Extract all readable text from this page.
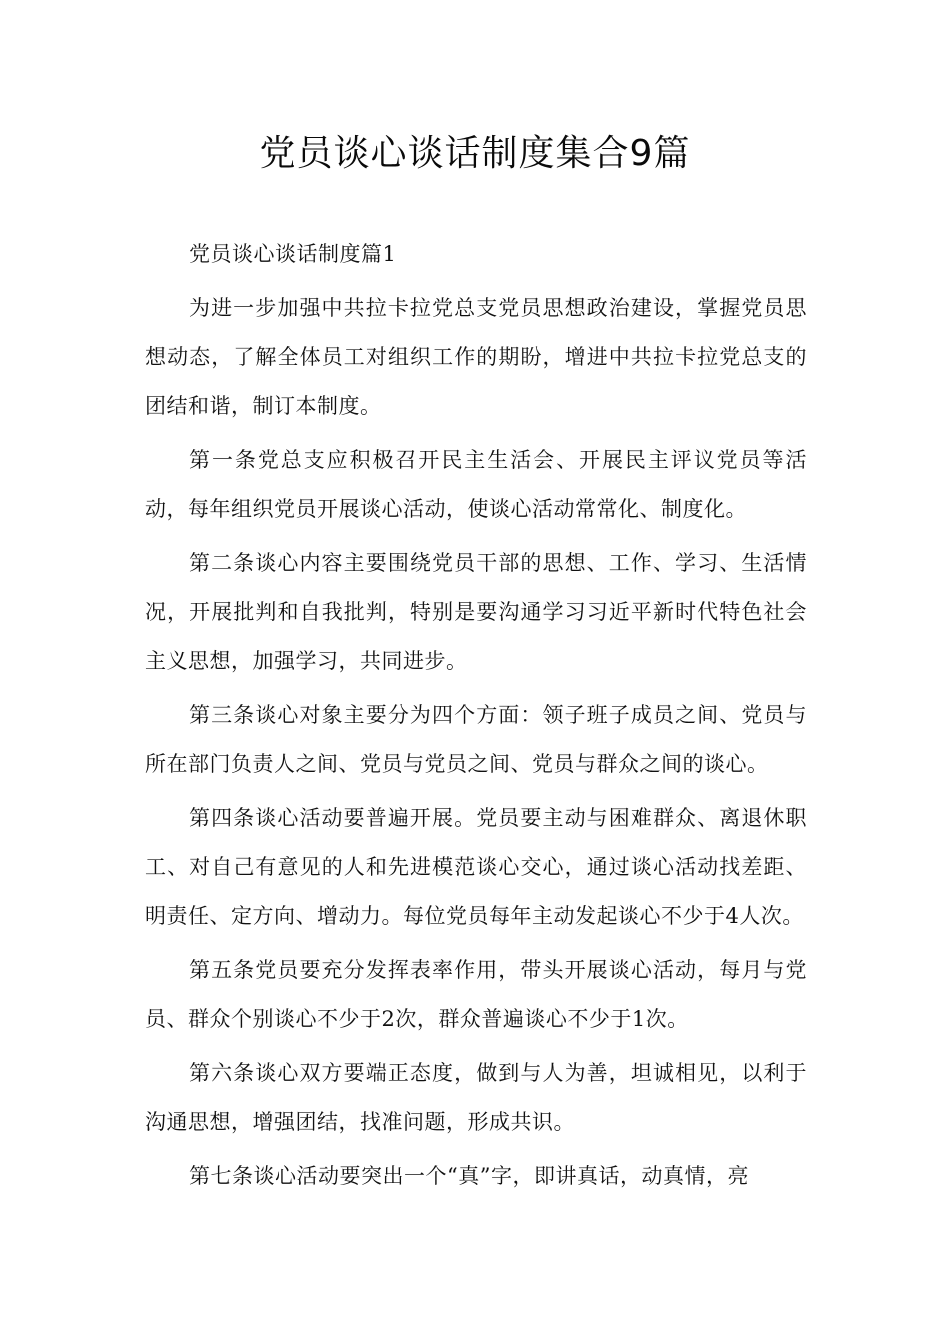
党员谈心谈话制度集合9篇

党员谈心谈话制度篇1

为进一步加强中共拉卡拉党总支党员思想政治建设，掌握党员思想动态，了解全体员工对组织工作的期盼，增进中共拉卡拉党总支的团结和谐，制订本制度。

第一条党总支应积极召开民主生活会、开展民主评议党员等活动，每年组织党员开展谈心活动，使谈心活动常常化、制度化。

第二条谈心内容主要围绕党员干部的思想、工作、学习、生活情况，开展批判和自我批判，特别是要沟通学习习近平新时代特色社会主义思想，加强学习，共同进步。

第三条谈心对象主要分为四个方面：领子班子成员之间、党员与所在部门负责人之间、党员与党员之间、党员与群众之间的谈心。

第四条谈心活动要普遍开展。党员要主动与困难群众、离退休职工、对自己有意见的人和先进模范谈心交心，通过谈心活动找差距、明责任、定方向、增动力。每位党员每年主动发起谈心不少于4人次。

第五条党员要充分发挥表率作用，带头开展谈心活动，每月与党员、群众个别谈心不少于2次，群众普遍谈心不少于1次。

第六条谈心双方要端正态度，做到与人为善，坦诚相见，以利于沟通思想，增强团结，找准问题，形成共识。

第七条谈心活动要突出一个“真”字，即讲真话，动真情，亮
